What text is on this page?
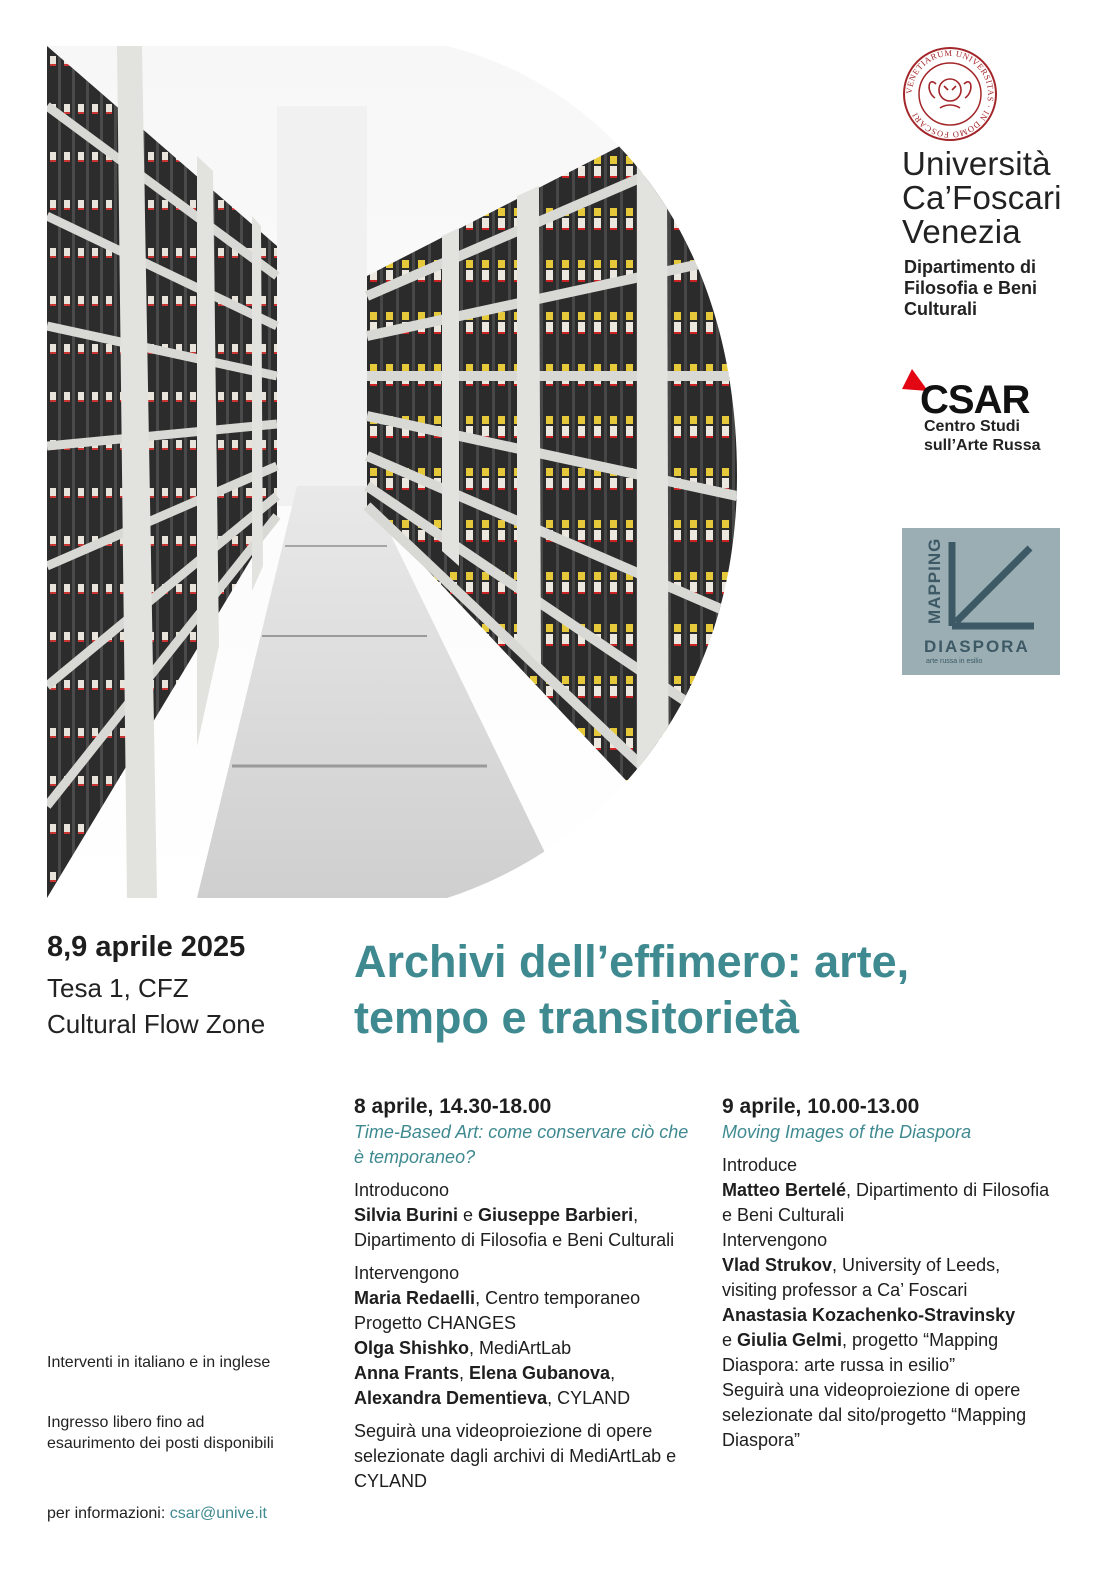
VENETIARUM UNIVERSITAS · IN DOMO FOSCARI
Università
Ca’Foscari
Venezia
Dipartimento di
Filosofia e Beni
Culturali
CSAR
Centro Studi
sull’Arte Russa
MAPPING
DIASPORA
arte russa in esilio
8,9 aprile 2025
Tesa 1, CFZ
Cultural Flow Zone
Interventi in italiano e in inglese
Ingresso libero fino ad
esaurimento dei posti disponibili
per informazioni: csar@unive.it
Archivi dell’effimero: arte,
tempo e transitorietà
8 aprile, 14.30-18.00
Time-Based Art: come conservare ciò che è temporaneo?
Introducono
Silvia Burini e Giuseppe Barbieri, Dipartimento di Filosofia e Beni Culturali
Intervengono
Maria Redaelli, Centro temporaneo Progetto CHANGES
Olga Shishko, MediArtLab
Anna Frants, Elena Gubanova,
Alexandra Dementieva, CYLAND
Seguirà una videoproiezione di opere selezionate dagli archivi di MediArtLab e CYLAND
9 aprile, 10.00-13.00
Moving Images of the Diaspora
Introduce
Matteo Bertelé, Dipartimento di Filosofia e Beni Culturali
Intervengono
Vlad Strukov, University of Leeds, visiting professor a Ca’ Foscari
Anastasia Kozachenko-Stravinsky
e Giulia Gelmi, progetto “Mapping Diaspora: arte russa in esilio”
Seguirà una videoproiezione di opere selezionate dal sito/progetto “Mapping Diaspora”
